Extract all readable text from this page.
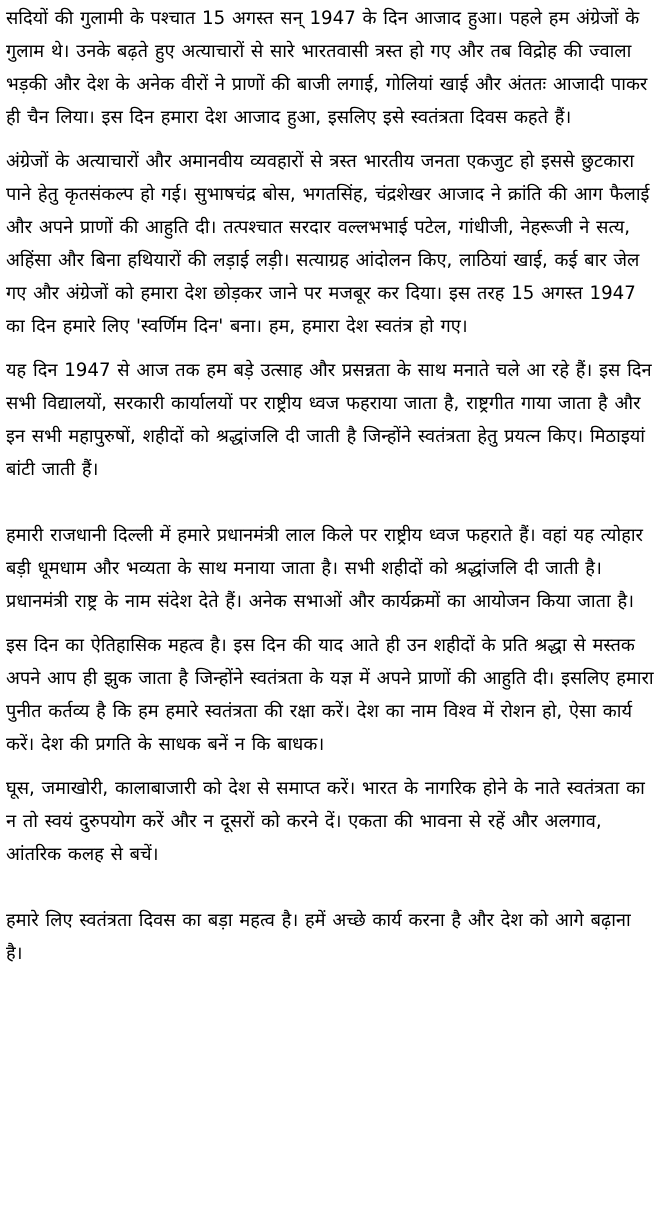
सदियों की गुलामी के पश्चात 15 अगस्त सन् 1947 के दिन आजाद हुआ। पहले हम अंग्रेजों के गुलाम थे। उनके बढ़ते हुए अत्याचारों से सारे भारतवासी त्रस्त हो गए और तब विद्रोह की ज्वाला भड़की और देश के अनेक वीरों ने प्राणों की बाजी लगाई, गोलियां खाई और अंततः आजादी पाकर ही चैन लिया। इस दिन हमारा देश आजाद हुआ, इसलिए इसे स्वतंत्रता दिवस कहते हैं।

अंग्रेजों के अत्याचारों और अमानवीय व्यवहारों से त्रस्त भारतीय जनता एकजुट हो इससे छुटकारा पाने हेतु कृतसंकल्प हो गई। सुभाषचंद्र बोस, भगतसिंह, चंद्रशेखर आजाद ने क्रांति की आग फैलाई और अपने प्राणों की आहुति दी। तत्पश्चात सरदार वल्लभभाई पटेल, गांधीजी, नेहरूजी ने सत्य, अहिंसा और बिना हथियारों की लड़ाई लड़ी। सत्याग्रह आंदोलन किए, लाठियां खाई, कई बार जेल गए और अंग्रेजों को हमारा देश छोड़कर जाने पर मजबूर कर दिया। इस तरह 15 अगस्त 1947 का दिन हमारे लिए 'स्वर्णिम दिन' बना। हम, हमारा देश स्वतंत्र हो गए।

यह दिन 1947 से आज तक हम बड़े उत्साह और प्रसन्नता के साथ मनाते चले आ रहे हैं। इस दिन सभी विद्यालयों, सरकारी कार्यालयों पर राष्ट्रीय ध्वज फहराया जाता है, राष्ट्रगीत गाया जाता है और इन सभी महापुरुषों, शहीदों को श्रद्धांजलि दी जाती है जिन्होंने स्वतंत्रता हेतु प्रयत्न किए। मिठाइयां बांटी जाती हैं।

हमारी राजधानी दिल्ली में हमारे प्रधानमंत्री लाल किले पर राष्ट्रीय ध्वज फहराते हैं। वहां यह त्योहार बड़ी धूमधाम और भव्यता के साथ मनाया जाता है। सभी शहीदों को श्रद्धांजलि दी जाती है। प्रधानमंत्री राष्ट्र के नाम संदेश देते हैं। अनेक सभाओं और कार्यक्रमों का आयोजन किया जाता है।

इस दिन का ऐतिहासिक महत्व है। इस दिन की याद आते ही उन शहीदों के प्रति श्रद्धा से मस्तक अपने आप ही झुक जाता है जिन्होंने स्वतंत्रता के यज्ञ में अपने प्राणों की आहुति दी। इसलिए हमारा पुनीत कर्तव्य है कि हम हमारे स्वतंत्रता की रक्षा करें। देश का नाम विश्व में रोशन हो, ऐसा कार्य करें। देश की प्रगति के साधक बनें न कि बाधक।

घूस, जमाखोरी, कालाबाजारी को देश से समाप्त करें। भारत के नागरिक होने के नाते स्वतंत्रता का न तो स्वयं दुरुपयोग करें और न दूसरों को करने दें। एकता की भावना से रहें और अलगाव, आंतरिक कलह से बचें।

हमारे लिए स्वतंत्रता दिवस का बड़ा महत्व है। हमें अच्छे कार्य करना है और देश को आगे बढ़ाना है।
